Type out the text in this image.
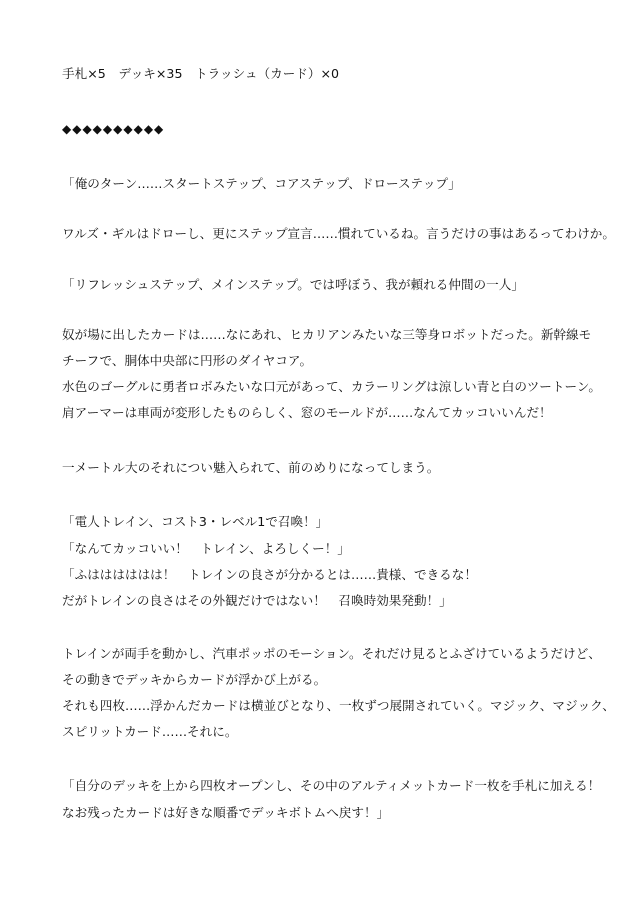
手札×5　デッキ×35　トラッシュ（カード）×0
◆◆◆◆◆◆◆◆◆◆
「俺のターン……スタートステップ、コアステップ、ドローステップ」
ワルズ・ギルはドローし、更にステップ宣言……慣れているね。言うだけの事はあるってわけか。
「リフレッシュステップ、メインステップ。では呼ぼう、我が頼れる仲間の一人」
奴が場に出したカードは……なにあれ、ヒカリアンみたいな三等身ロボットだった。新幹線モ
チーフで、胴体中央部に円形のダイヤコア。
水色のゴーグルに勇者ロボみたいな口元があって、カラーリングは涼しい青と白のツートーン。
肩アーマーは車両が変形したものらしく、窓のモールドが……なんてカッコいいんだ！
一メートル大のそれについ魅入られて、前のめりになってしまう。
「電人トレイン、コスト3・レベル1で召喚！」
「なんてカッコいい！　トレイン、よろしくー！」
「ふはははははは！　トレインの良さが分かるとは……貴様、できるな！
だがトレインの良さはその外観だけではない！　召喚時効果発動！」
トレインが両手を動かし、汽車ポッポのモーション。それだけ見るとふざけているようだけど、
その動きでデッキからカードが浮かび上がる。
それも四枚……浮かんだカードは横並びとなり、一枚ずつ展開されていく。マジック、マジック、
スピリットカード……それに。
「自分のデッキを上から四枚オープンし、その中のアルティメットカード一枚を手札に加える！
なお残ったカードは好きな順番でデッキボトムへ戻す！」
